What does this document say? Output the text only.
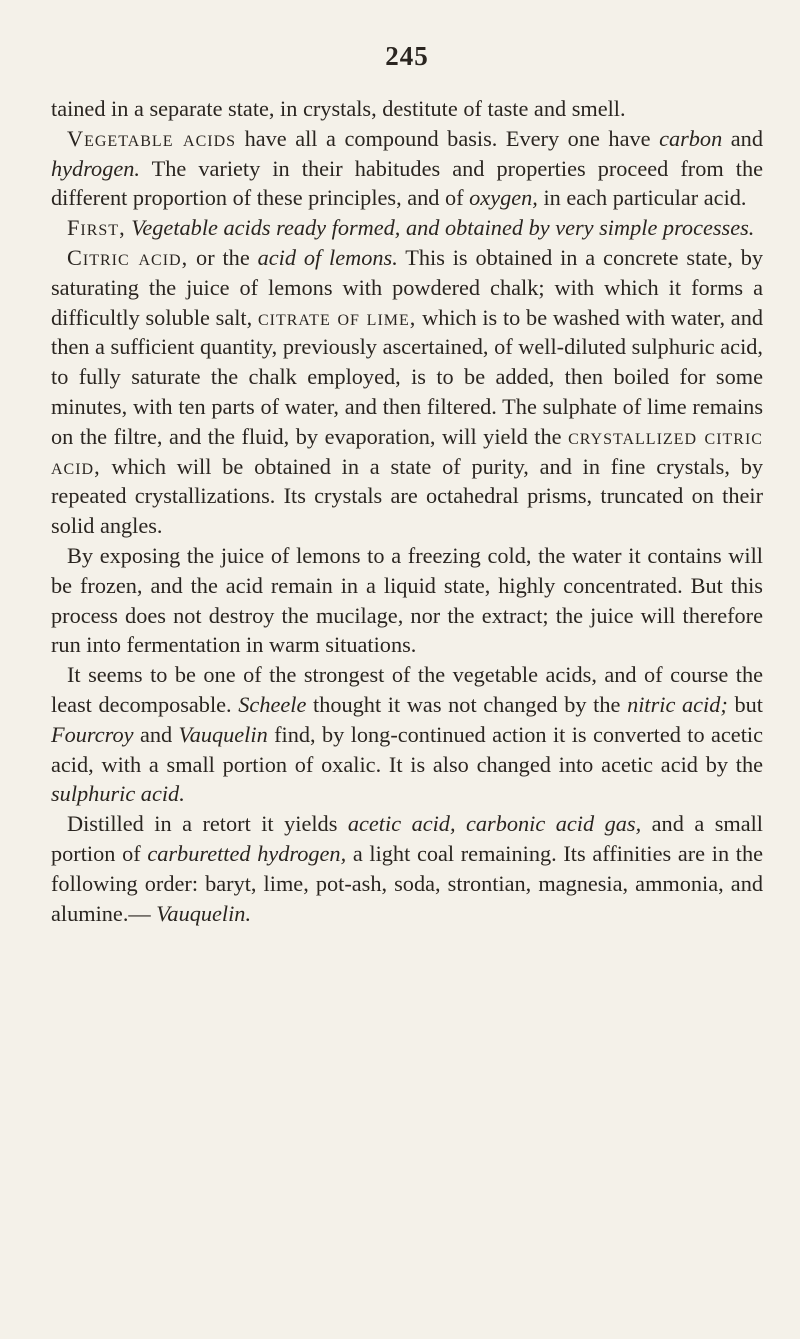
245

tained in a separate state, in crystals, destitute of taste and smell.

Vegetable acids have all a compound basis. Every one have carbon and hydrogen. The variety in their habitudes and properties proceed from the different proportion of these principles, and of oxygen, in each particular acid.

First, Vegetable acids ready formed, and obtained by very simple processes.

Citric acid, or the acid of lemons. This is obtained in a concrete state, by saturating the juice of lemons with powdered chalk; with which it forms a difficultly soluble salt, citrate of lime, which is to be washed with water, and then a sufficient quantity, previously ascertained, of well-diluted sulphuric acid, to fully saturate the chalk employed, is to be added, then boiled for some minutes, with ten parts of water, and then filtered. The sulphate of lime remains on the filtre, and the fluid, by evaporation, will yield the crystallized citric acid, which will be obtained in a state of purity, and in fine crystals, by repeated crystallizations. Its crystals are octahedral prisms, truncated on their solid angles.

By exposing the juice of lemons to a freezing cold, the water it contains will be frozen, and the acid remain in a liquid state, highly concentrated. But this process does not destroy the mucilage, nor the extract; the juice will therefore run into fermentation in warm situations.

It seems to be one of the strongest of the vegetable acids, and of course the least decomposable. Scheele thought it was not changed by the nitric acid; but Fourcroy and Vauquelin find, by long-continued action it is converted to acetic acid, with a small portion of oxalic. It is also changed into acetic acid by the sulphuric acid.

Distilled in a retort it yields acetic acid, carbonic acid gas, and a small portion of carburetted hydrogen, a light coal remaining. Its affinities are in the following order: baryt, lime, pot-ash, soda, strontian, magnesia, ammonia, and alumine.— Vauquelin.
